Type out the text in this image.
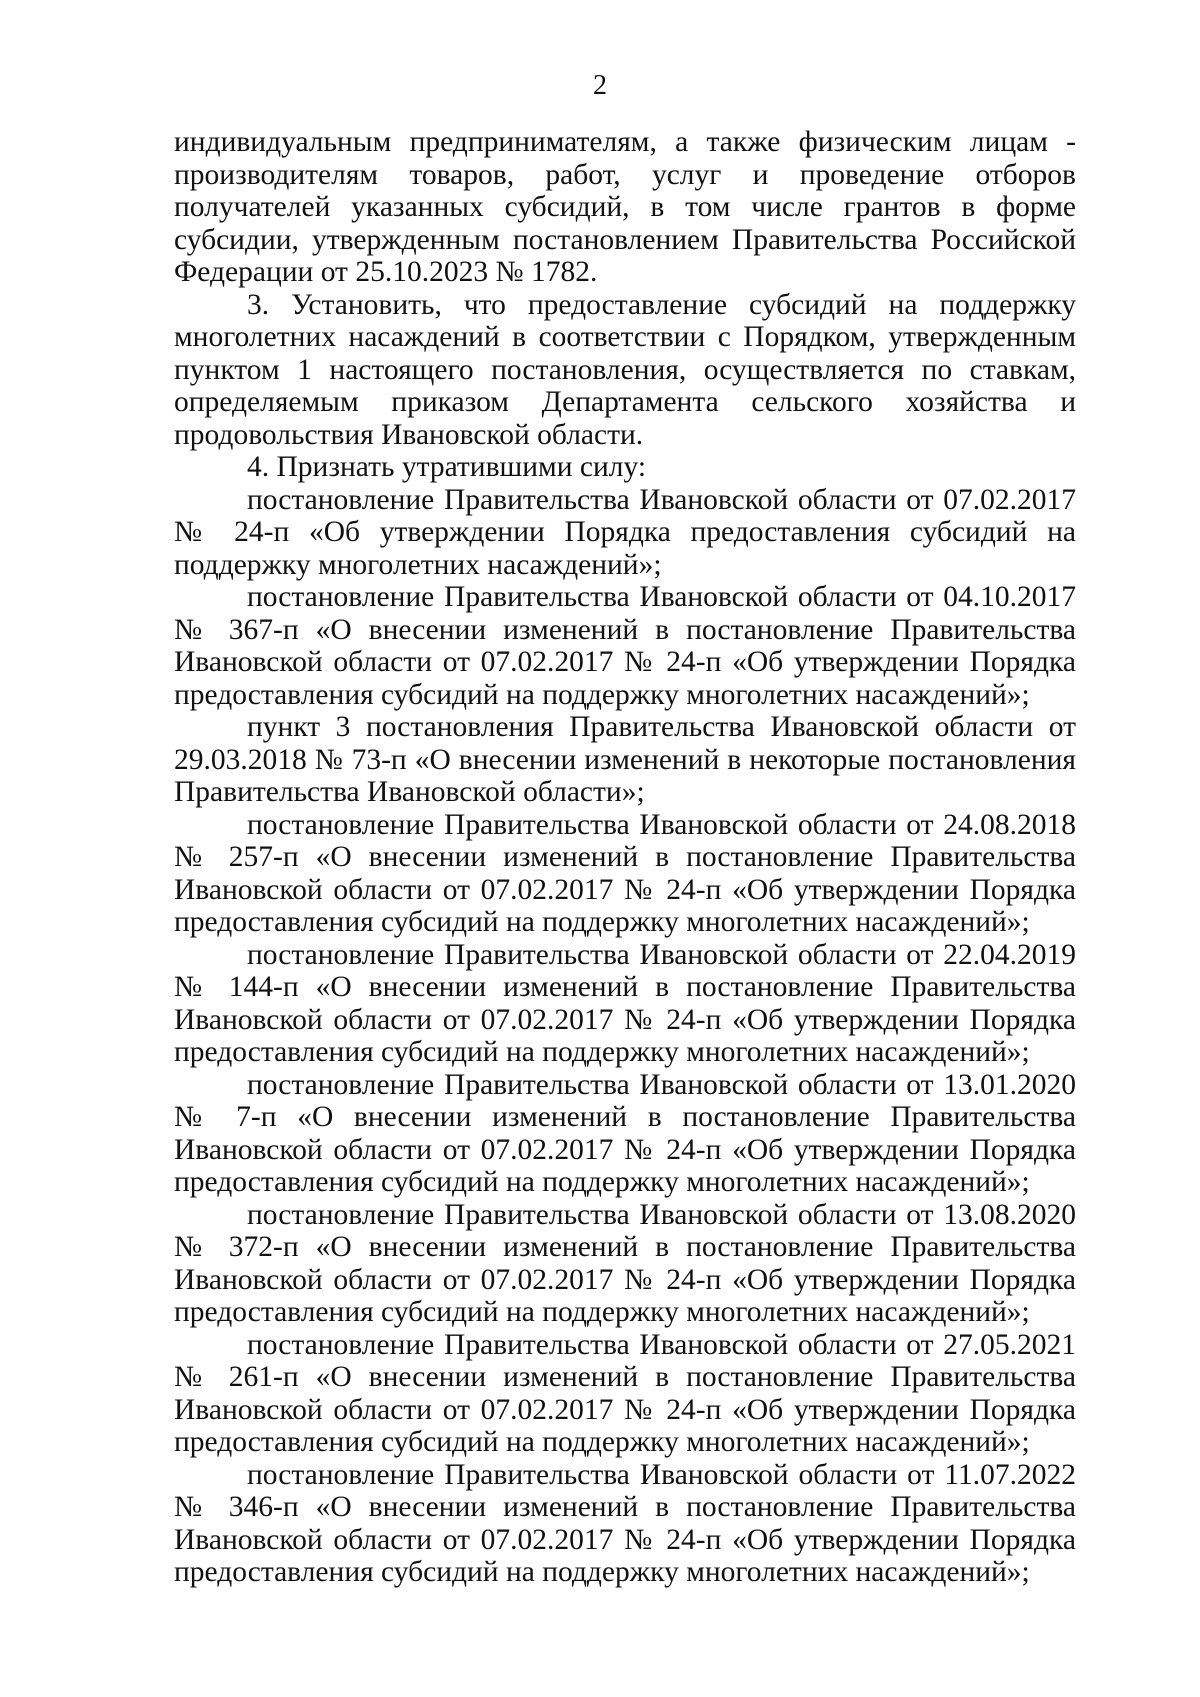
2

индивидуальным предпринимателям, а также физическим лицам - производителям товаров, работ, услуг и проведение отборов получателей указанных субсидий, в том числе грантов в форме субсидии, утвержденным постановлением Правительства Российской Федерации от 25.10.2023 № 1782.

3. Установить, что предоставление субсидий на поддержку многолетних насаждений в соответствии с Порядком, утвержденным пунктом 1 настоящего постановления, осуществляется по ставкам, определяемым приказом Департамента сельского хозяйства и продовольствия Ивановской области.

4. Признать утратившими силу:

постановление Правительства Ивановской области от 07.02.2017 № 24-п «Об утверждении Порядка предоставления субсидий на поддержку многолетних насаждений»;

постановление Правительства Ивановской области от 04.10.2017 № 367-п «О внесении изменений в постановление Правительства Ивановской области от 07.02.2017 № 24-п «Об утверждении Порядка предоставления субсидий на поддержку многолетних насаждений»;

пункт 3 постановления Правительства Ивановской области от 29.03.2018 № 73-п «О внесении изменений в некоторые постановления Правительства Ивановской области»;

постановление Правительства Ивановской области от 24.08.2018 № 257-п «О внесении изменений в постановление Правительства Ивановской области от 07.02.2017 № 24-п «Об утверждении Порядка предоставления субсидий на поддержку многолетних насаждений»;

постановление Правительства Ивановской области от 22.04.2019 № 144-п «О внесении изменений в постановление Правительства Ивановской области от 07.02.2017 № 24-п «Об утверждении Порядка предоставления субсидий на поддержку многолетних насаждений»;

постановление Правительства Ивановской области от 13.01.2020 № 7-п «О внесении изменений в постановление Правительства Ивановской области от 07.02.2017 № 24-п «Об утверждении Порядка предоставления субсидий на поддержку многолетних насаждений»;

постановление Правительства Ивановской области от 13.08.2020 № 372-п «О внесении изменений в постановление Правительства Ивановской области от 07.02.2017 № 24-п «Об утверждении Порядка предоставления субсидий на поддержку многолетних насаждений»;

постановление Правительства Ивановской области от 27.05.2021 № 261-п «О внесении изменений в постановление Правительства Ивановской области от 07.02.2017 № 24-п «Об утверждении Порядка предоставления субсидий на поддержку многолетних насаждений»;

постановление Правительства Ивановской области от 11.07.2022 № 346-п «О внесении изменений в постановление Правительства Ивановской области от 07.02.2017 № 24-п «Об утверждении Порядка предоставления субсидий на поддержку многолетних насаждений»;
